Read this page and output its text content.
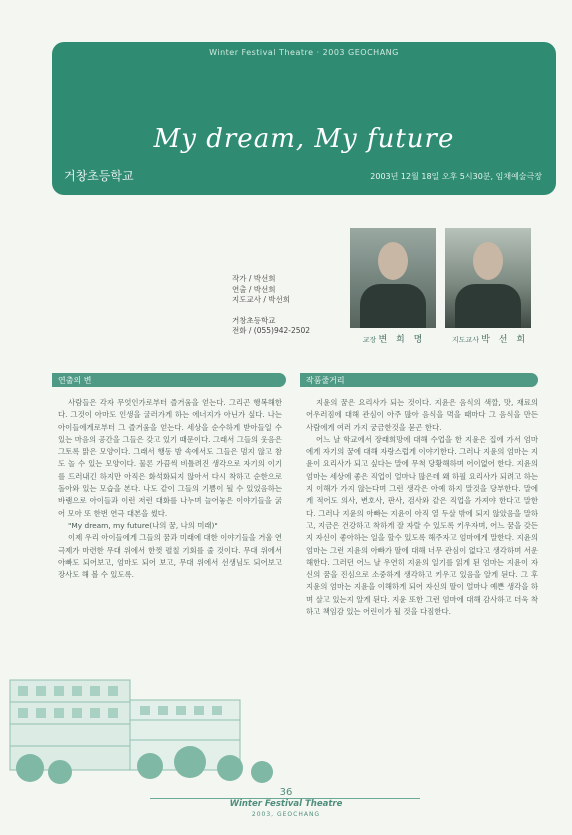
Winter Festival Theatre · 2003 GEOCHANG
My dream, My future
거창초등학교	2003년 12월 18일 오후 5시30분, 임채예술극장
작가 / 박선희
연출 / 박선희
지도교사 / 박선희
거창초등학교
전화 / (055)942-2502
교장 변 희 명	지도교사 박 선 희
연출의 변	작품줄거리

사람들은 각자 무엇인가로부터 즐거움을 얻는다. 그리곤 행복해한다. 그것이 아마도 인생을 굴러가게 하는 에너지가 아닌가 싶다. 나는 아이들에게로부터 그 즐거움을 얻는다. 세상을 순수하게 받아들일 수 있는 마음의 공간을 그들은 갖고 있기 때문이다. 그래서 그들의 웃음은 그토록 맑은 모양이다. 그래서 행동 밤 속에서도 그들은 멈지 않고 참도 놀 수 있는 모양이다. 물론 가끔씩 비틀려진 생각으로 자기의 이기를 드러내긴 하지만 아직은 화석화되지 않아서 다시 착하고 순한으로 돌아와 있는 모습을 본다. 나도 같이 그들의 기쁨이 될 수 있었음하는 바램으로 아이들과 이런 저런 대화를 나누며 늘어놓은 이야기들을 굵어 모아 또 한번 연극 대본을 썼다.

"My dream, my future(나의 꿈, 나의 미래)"

이제 우리 아이들에게 그들의 꿈과 미래에 대한 이야기들을 거울 연극제가 마련한 무대 위에서 한껏 펼칠 기회를 줄 것이다. 무대 위에서 아빠도 되어보고, 엄마도 되어 보고, 무대 위에서 선생님도 되어보고 장사도 해 볼 수 있도록.

지윤의 꿈은 요리사가 되는 것이다. 지윤은 음식의 색깔, 맛, 재료의 어우러짐에 대해 관심이 아주 많아 음식을 먹을 때마다 그 음식을 만든 사람에게 여러 가지 궁금한것을 묻곤 한다.

어느 날 학교에서 장래희망에 대해 수업을 한 지윤은 집에 가서 엄마에게 자기의 꿈에 대해 자랑스럽게 이야기한다. 그러나 지윤의 엄마는 지윤이 요리사가 되고 싶다는 말에 무척 당황해하며 어이없어 한다. 지윤의 엄마는 세상에 좋은 직업이 얼마나 많은데 왜 하필 요리사가 되려고 하는지 이해가 가지 않는다며 그런 생각은 아예 하지 말것을 당부한다. 말에게 적어도 의사, 변호사, 판사, 검사와 같은 직업을 가져야 한다고 말한다. 그러나 지윤의 아빠는 지윤이 아직 열 두살 밖에 되지 않았음을 말하고, 지금은 건강하고 착하게 잘 자랄 수 있도록 키우자며, 어느 꿈을 갖든지 자신이 좋아하는 일을 할수 있도록 해주자고 엄마에게 말한다. 지윤의 엄마는 그런 지윤의 아빠가 딸에 대해 너무 관심이 없다고 생각하며 서운해한다. 그러던 어느 날 우연히 지윤의 일기를 읽게 된 엄마는 지윤이 자신의 꿈을 진심으로 소중하게 생각하고 키우고 있음을 알게 된다. 그 후 지윤의 엄마는 지윤을 이해하게 되어 자신의 딸이 얼마나 예쁜 생각을 하며 살고 있는지 알게 된다. 지윤 또한 그런 엄마에 대해 감사하고 더욱 착하고 책임감 있는 어린이가 될 것을 다짐한다.

36
Winter Festival Theatre
2003, GEOCHANG
